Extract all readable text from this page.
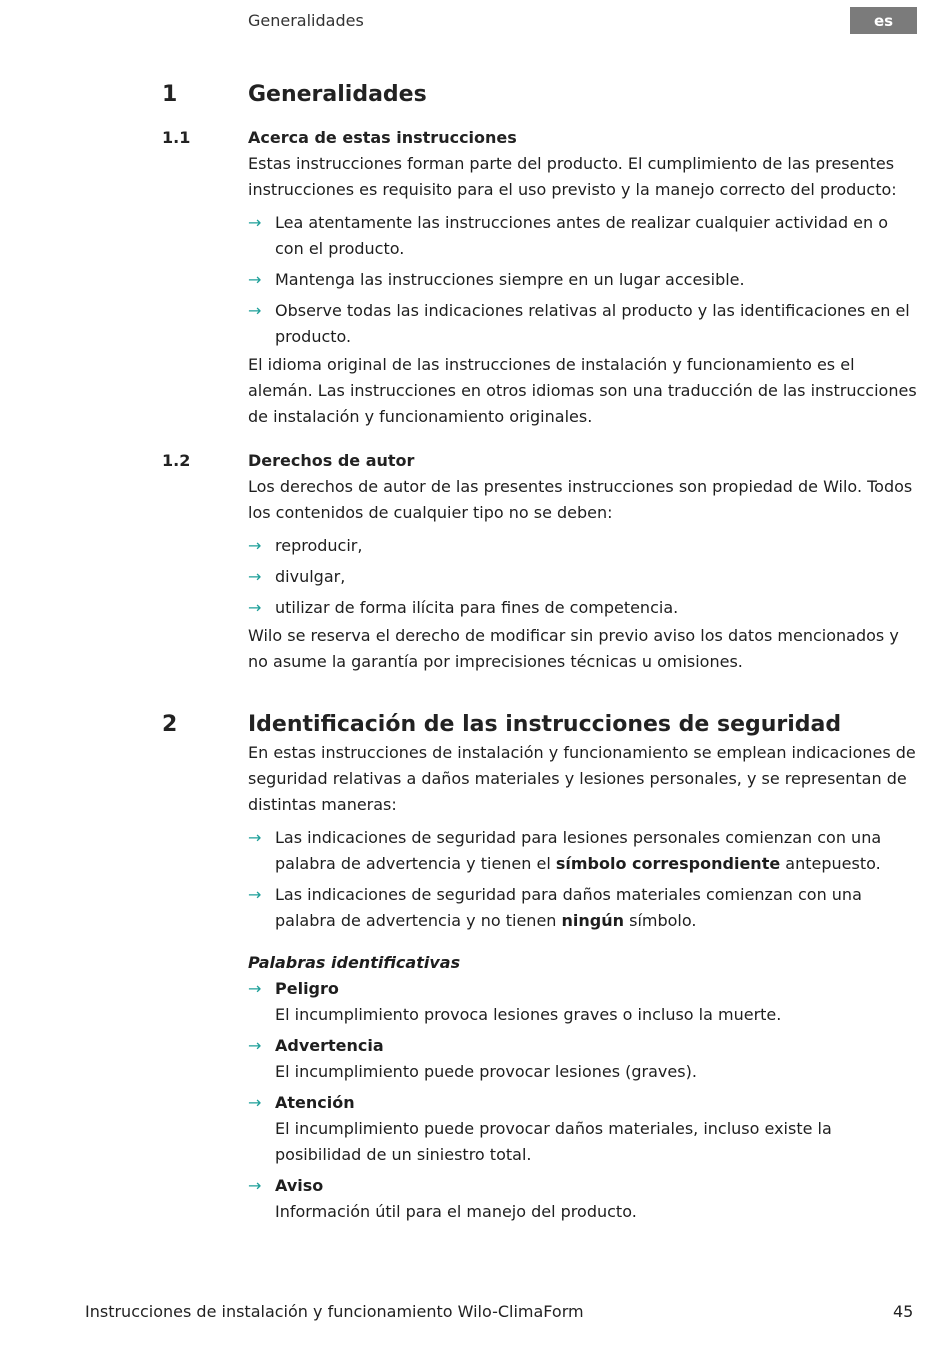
Generalidades	es
1	Generalidades
1.1	Acerca de estas instrucciones

Estas instrucciones forman parte del producto. El cumplimiento de las presentes instrucciones es requisito para el uso previsto y la manejo correcto del producto:

→ Lea atentamente las instrucciones antes de realizar cualquier actividad en o con el producto.
→ Mantenga las instrucciones siempre en un lugar accesible.
→ Observe todas las indicaciones relativas al producto y las identificaciones en el producto.

El idioma original de las instrucciones de instalación y funcionamiento es el alemán. Las instrucciones en otros idiomas son una traducción de las instrucciones de instalación y funcionamiento originales.

1.2	Derechos de autor

Los derechos de autor de las presentes instrucciones son propiedad de Wilo. Todos los contenidos de cualquier tipo no se deben:

→ reproducir,
→ divulgar,
→ utilizar de forma ilícita para fines de competencia.

Wilo se reserva el derecho de modificar sin previo aviso los datos mencionados y no asume la garantía por imprecisiones técnicas u omisiones.

2	Identificación de las instrucciones de seguridad

En estas instrucciones de instalación y funcionamiento se emplean indicaciones de seguridad relativas a daños materiales y lesiones personales, y se representan de distintas maneras:

→ Las indicaciones de seguridad para lesiones personales comienzan con una palabra de advertencia y tienen el símbolo correspondiente antepuesto.
→ Las indicaciones de seguridad para daños materiales comienzan con una palabra de advertencia y no tienen ningún símbolo.
Palabras identificativas
→ Peligro
El incumplimiento provoca lesiones graves o incluso la muerte.
→ Advertencia
El incumplimiento puede provocar lesiones (graves).
→ Atención
El incumplimiento puede provocar daños materiales, incluso existe la posibilidad de un siniestro total.
→ Aviso
Información útil para el manejo del producto.
Instrucciones de instalación y funcionamiento Wilo-ClimaForm	45
